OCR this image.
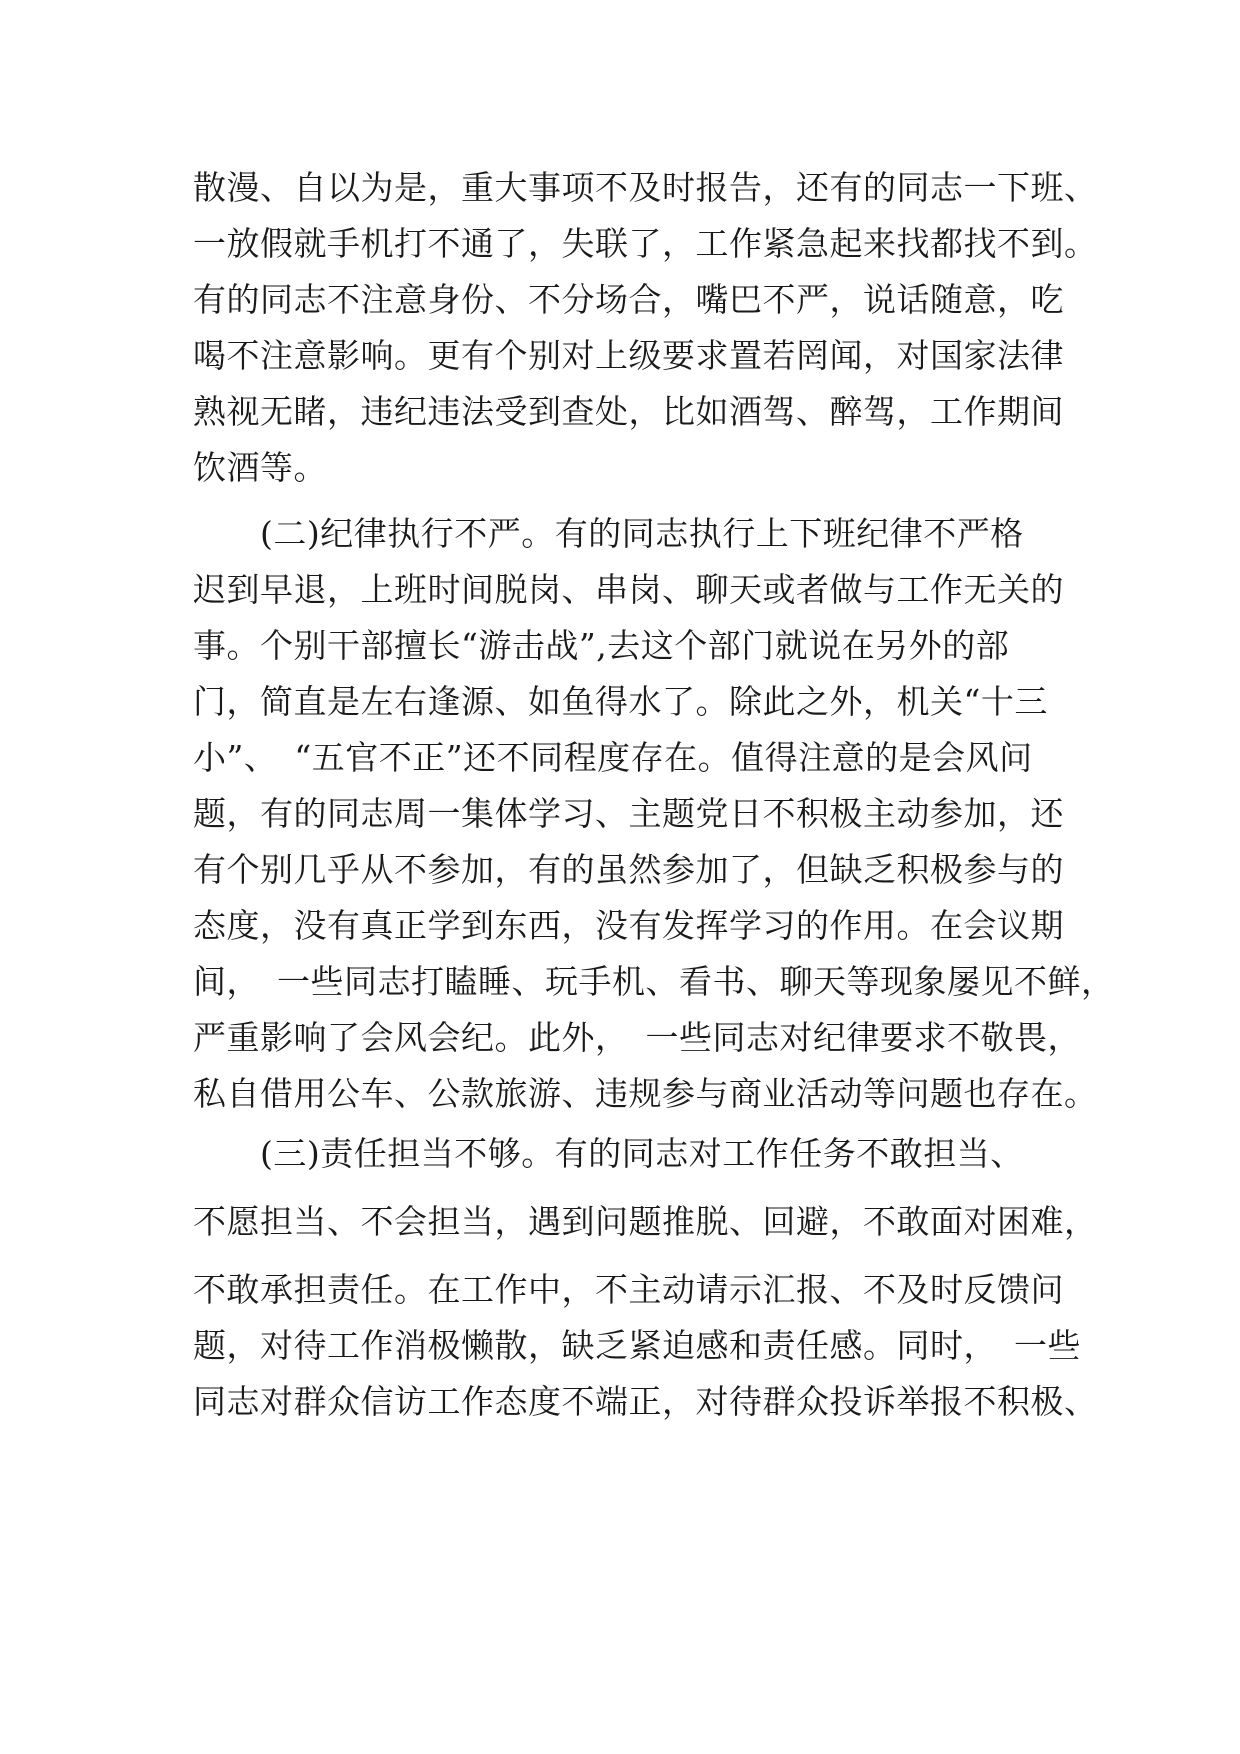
散漫、自以为是，重大事项不及时报告，还有的同志一下班、
一放假就手机打不通了，失联了，工作紧急起来找都找不到。
有的同志不注意身份、不分场合，嘴巴不严，说话随意，吃
喝不注意影响。更有个别对上级要求置若罔闻，对国家法律
熟视无睹，违纪违法受到查处，比如酒驾、醉驾，工作期间
饮酒等。
　　(二)纪律执行不严。有的同志执行上下班纪律不严格
迟到早退，上班时间脱岗、串岗、聊天或者做与工作无关的
事。个别干部擅长“游击战”,去这个部门就说在另外的部
门，简直是左右逢源、如鱼得水了。除此之外，机关“十三
小”、　“五官不正”还不同程度存在。值得注意的是会风问
题，有的同志周一集体学习、主题党日不积极主动参加，还
有个别几乎从不参加，有的虽然参加了，但缺乏积极参与的
态度，没有真正学到东西，没有发挥学习的作用。在会议期
间，　一些同志打瞌睡、玩手机、看书、聊天等现象屡见不鲜，
严重影响了会风会纪。此外，　一些同志对纪律要求不敬畏，
私自借用公车、公款旅游、违规参与商业活动等问题也存在。
　　(三)责任担当不够。有的同志对工作任务不敢担当、
不愿担当、不会担当，遇到问题推脱、回避，不敢面对困难，
不敢承担责任。在工作中，不主动请示汇报、不及时反馈问
题，对待工作消极懒散，缺乏紧迫感和责任感。同时，　一些
同志对群众信访工作态度不端正，对待群众投诉举报不积极、
